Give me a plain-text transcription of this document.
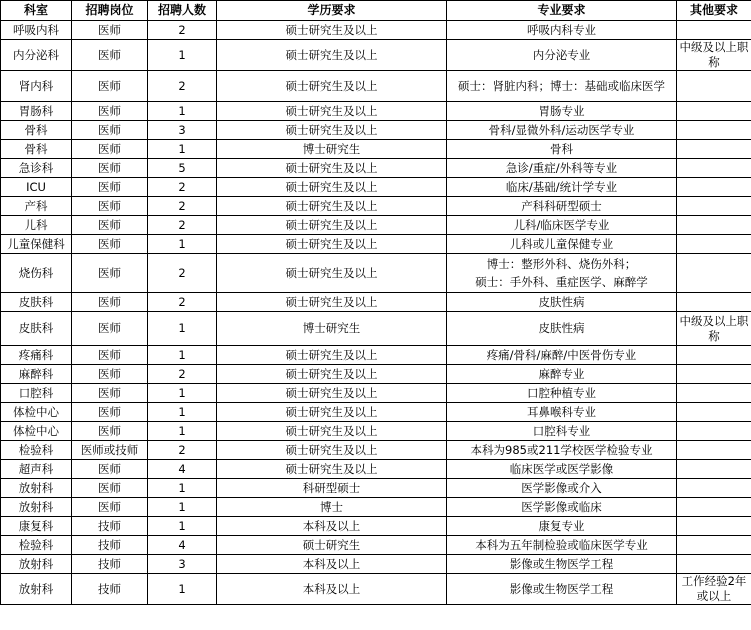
科室	招聘岗位	招聘人数	学历要求	专业要求	其他要求
呼吸内科	医师	2	硕士研究生及以上	呼吸内科专业	
内分泌科	医师	1	硕士研究生及以上	内分泌专业	中级及以上职称
肾内科	医师	2	硕士研究生及以上	硕士：肾脏内科；博士：基础或临床医学	
胃肠科	医师	1	硕士研究生及以上	胃肠专业	
骨科	医师	3	硕士研究生及以上	骨科/显微外科/运动医学专业	
骨科	医师	1	博士研究生	骨科	
急诊科	医师	5	硕士研究生及以上	急诊/重症/外科等专业	
ICU	医师	2	硕士研究生及以上	临床/基础/统计学专业	
产科	医师	2	硕士研究生及以上	产科科研型硕士	
儿科	医师	2	硕士研究生及以上	儿科/临床医学专业	
儿童保健科	医师	1	硕士研究生及以上	儿科或儿童保健专业	
烧伤科	医师	2	硕士研究生及以上	博士：整形外科、烧伤外科；
硕士：手外科、重症医学、麻醉学	

皮肤科	医师	2	硕士研究生及以上	皮肤性病	
皮肤科	医师	1	博士研究生	皮肤性病	中级及以上职称
疼痛科	医师	1	硕士研究生及以上	疼痛/骨科/麻醉/中医骨伤专业	
麻醉科	医师	2	硕士研究生及以上	麻醉专业	
口腔科	医师	1	硕士研究生及以上	口腔种植专业	
体检中心	医师	1	硕士研究生及以上	耳鼻喉科专业	
体检中心	医师	1	硕士研究生及以上	口腔科专业	
检验科	医师或技师	2	硕士研究生及以上	本科为985或211学校医学检验专业	
超声科	医师	4	硕士研究生及以上	临床医学或医学影像	
放射科	医师	1	科研型硕士	医学影像或介入	
放射科	医师	1	博士	医学影像或临床	
康复科	技师	1	本科及以上	康复专业	
检验科	技师	4	硕士研究生	本科为五年制检验或临床医学专业	
放射科	技师	3	本科及以上	影像或生物医学工程	
放射科	技师	1	本科及以上	影像或生物医学工程	工作经验2年或以上
